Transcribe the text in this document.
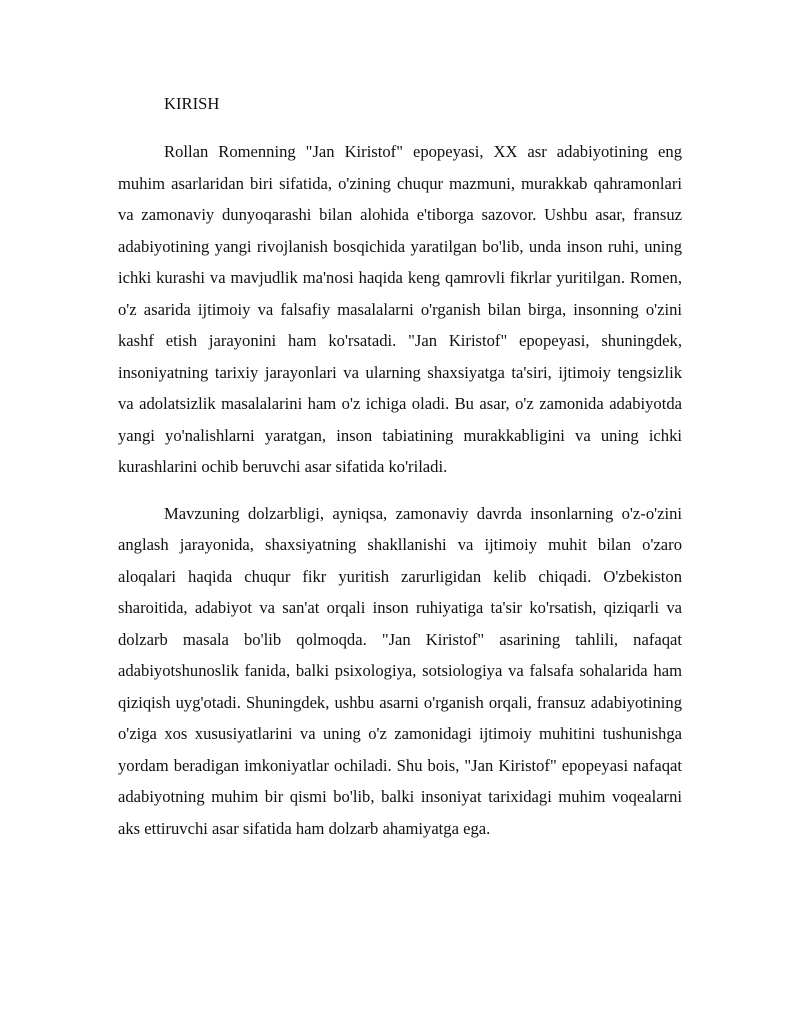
KIRISH

Rollan Romenning "Jan Kiristof" epopeyasi, XX asr adabiyotining eng muhim asarlaridan biri sifatida, o'zining chuqur mazmuni, murakkab qahramonlari va zamonaviy dunyoqarashi bilan alohida e'tiborga sazovor. Ushbu asar, fransuz adabiyotining yangi rivojlanish bosqichida yaratilgan bo'lib, unda inson ruhi, uning ichki kurashi va mavjudlik ma'nosi haqida keng qamrovli fikrlar yuritilgan. Romen, o'z asarida ijtimoiy va falsafiy masalalarni o'rganish bilan birga, insonning o'zini kashf etish jarayonini ham ko'rsatadi. "Jan Kiristof" epopeyasi, shuningdek, insoniyatning tarixiy jarayonlari va ularning shaxsiyatga ta'siri, ijtimoiy tengsizlik va adolatsizlik masalalarini ham o'z ichiga oladi. Bu asar, o'z zamonida adabiyotda yangi yo'nalishlarni yaratgan, inson tabiatining murakkabligini va uning ichki kurashlarini ochib beruvchi asar sifatida ko'riladi.

Mavzuning dolzarbligi, ayniqsa, zamonaviy davrda insonlarning o'z-o'zini anglash jarayonida, shaxsiyatning shakllanishi va ijtimoiy muhit bilan o'zaro aloqalari haqida chuqur fikr yuritish zarurligidan kelib chiqadi. O'zbekiston sharoitida, adabiyot va san'at orqali inson ruhiyatiga ta'sir ko'rsatish, qiziqarli va dolzarb masala bo'lib qolmoqda. "Jan Kiristof" asarining tahlili, nafaqat adabiyotshunoslik fanida, balki psixologiya, sotsiologiya va falsafa sohalarida ham qiziqish uyg'otadi. Shuningdek, ushbu asarni o'rganish orqali, fransuz adabiyotining o'ziga xos xususiyatlarini va uning o'z zamonidagi ijtimoiy muhitini tushunishga yordam beradigan imkoniyatlar ochiladi. Shu bois, "Jan Kiristof" epopeyasi nafaqat adabiyotning muhim bir qismi bo'lib, balki insoniyat tarixidagi muhim voqealarni aks ettiruvchi asar sifatida ham dolzarb ahamiyatga ega.
